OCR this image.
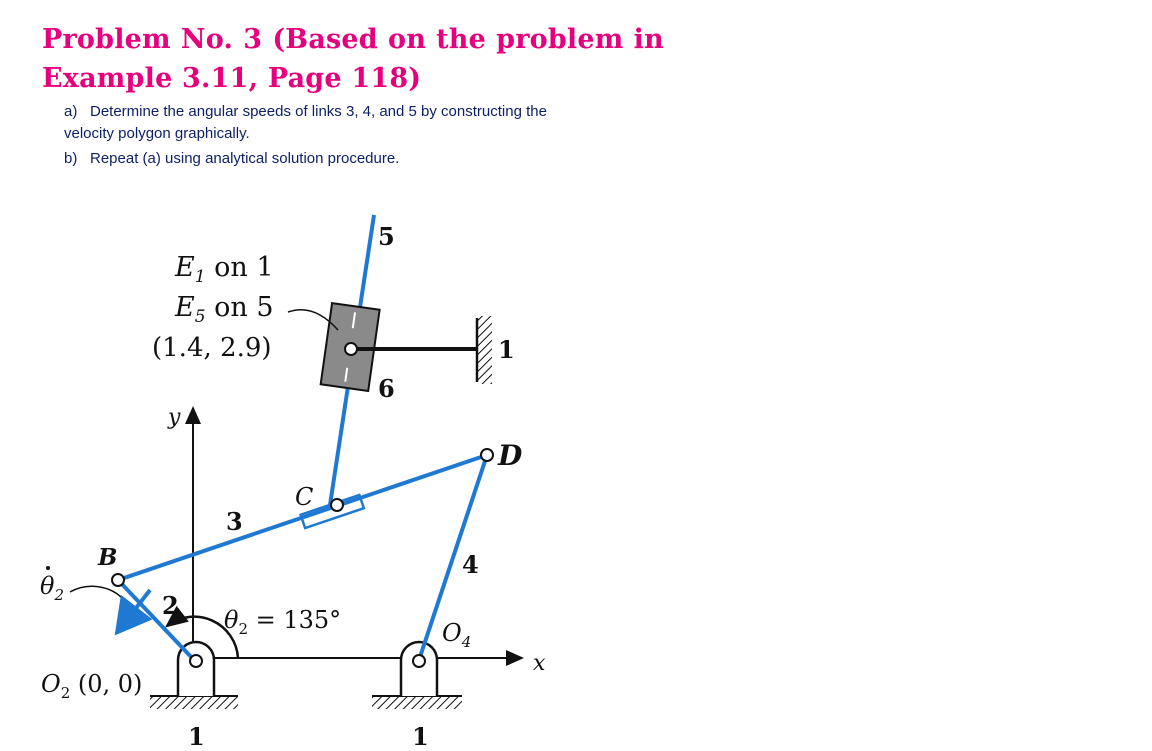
Problem No. 3 (Based on the problem in
Example 3.11, Page 118)
a) Determine the angular speeds of links 3, 4, and 5 by constructing the
velocity polygon graphically.
b) Repeat (a) using analytical solution procedure.
$E_1$ on 1
$E_5$ on 5
(1.4, 2.9)
y
x
B
C
D
$O_2$ (0, 0)
$O_4$
$\theta_2$
$\theta_2 = 135^\circ$
5
6
1
3
4
2
1	1
